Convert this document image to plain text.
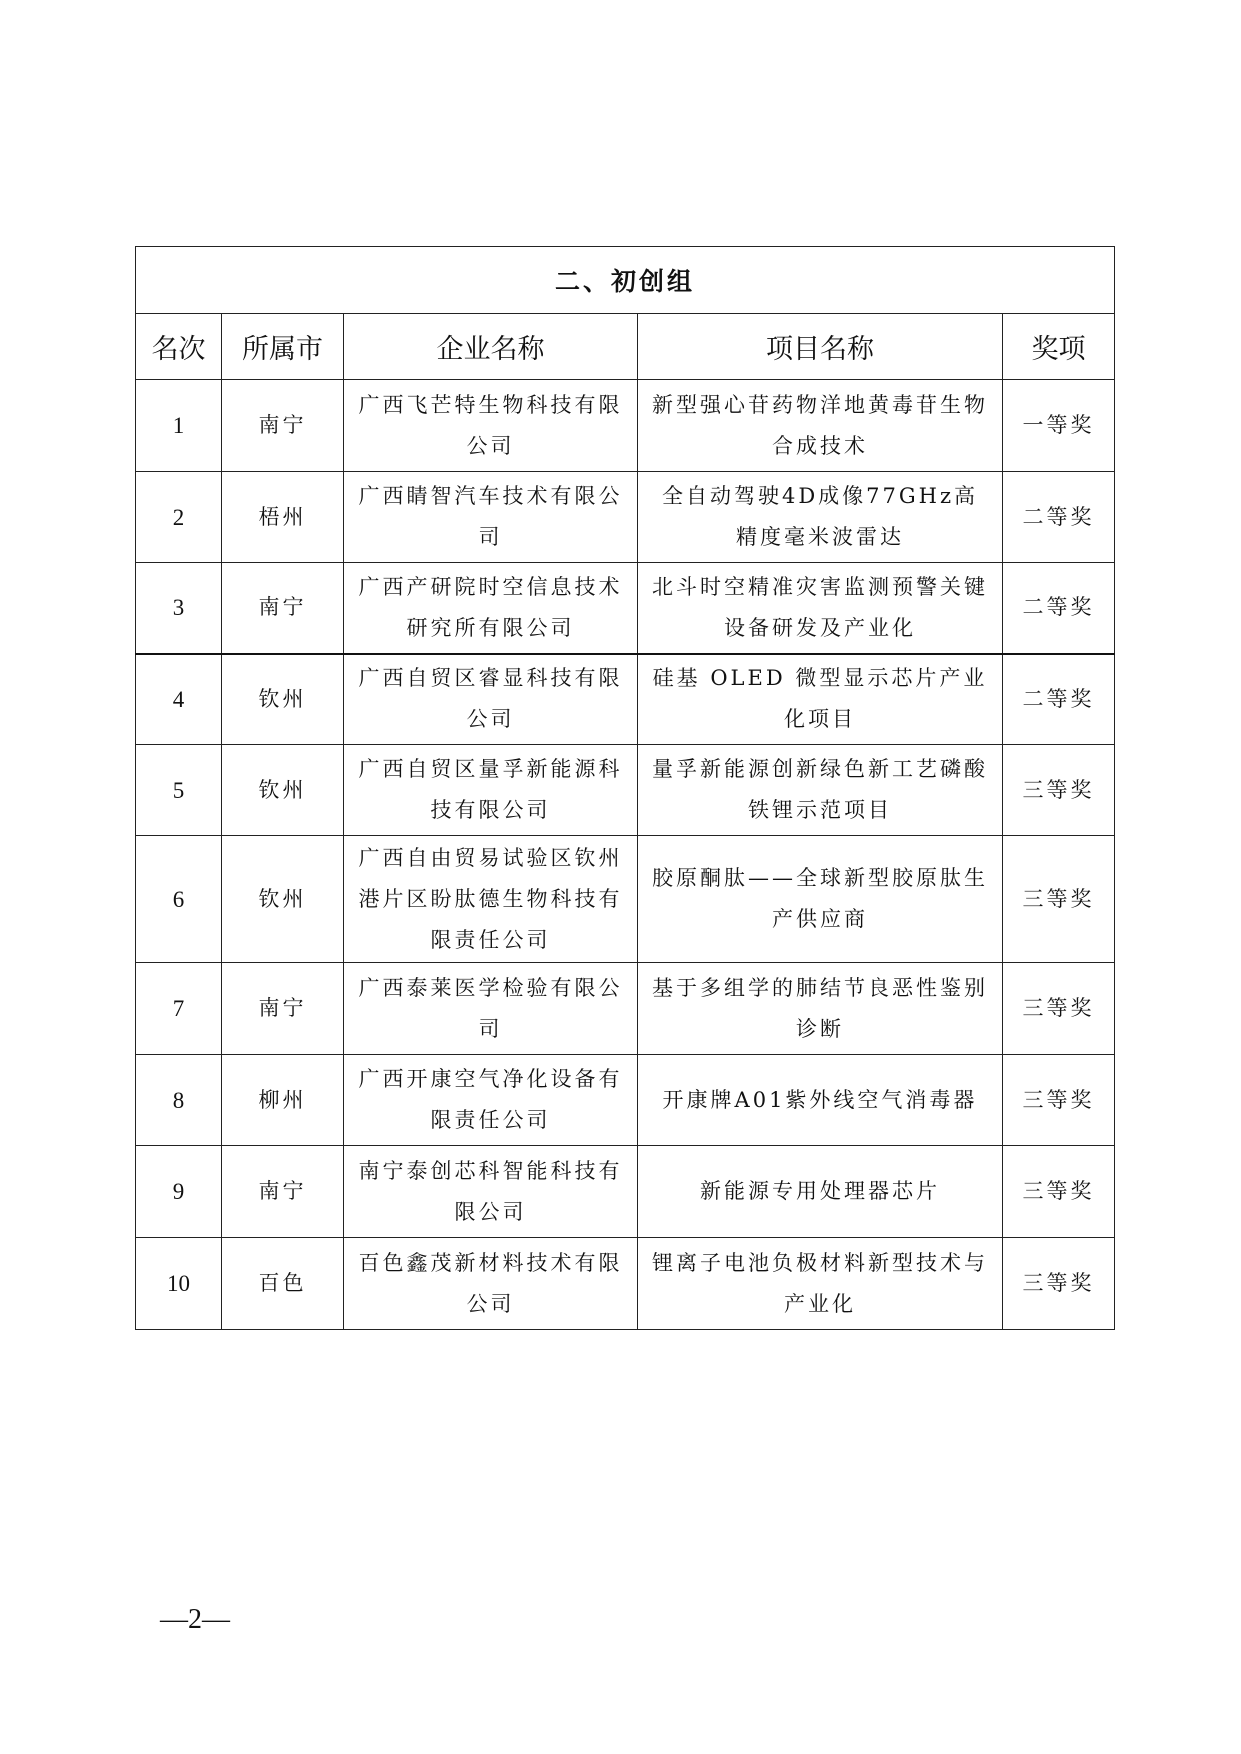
二、初创组				
名次	所属市	企业名称	项目名称	奖项
1	南宁	广西飞芒特生物科技有限公司	新型强心苷药物洋地黄毒苷生物合成技术	一等奖
2	梧州	广西睛智汽车技术有限公司	全自动驾驶4D成像77GHz高精度毫米波雷达	二等奖
3	南宁	广西产研院时空信息技术研究所有限公司	北斗时空精准灾害监测预警关键设备研发及产业化	二等奖
4	钦州	广西自贸区睿显科技有限公司	硅基 OLED 微型显示芯片产业化项目	二等奖
5	钦州	广西自贸区量孚新能源科技有限公司	量孚新能源创新绿色新工艺磷酸铁锂示范项目	三等奖
6	钦州	广西自由贸易试验区钦州港片区盼肽德生物科技有限责任公司	胶原酮肽——全球新型胶原肽生产供应商	三等奖
7	南宁	广西泰莱医学检验有限公司	基于多组学的肺结节良恶性鉴别诊断	三等奖
8	柳州	广西开康空气净化设备有限责任公司	开康牌A01紫外线空气消毒器	三等奖
9	南宁	南宁泰创芯科智能科技有限公司	新能源专用处理器芯片	三等奖
10	百色	百色鑫茂新材料技术有限公司	锂离子电池负极材料新型技术与产业化	三等奖
—2—
